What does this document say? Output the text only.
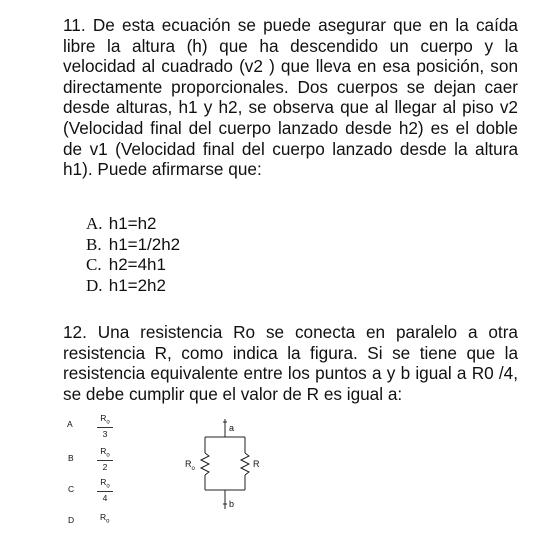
11. De esta ecuación se puede asegurar que en la caída libre la altura (h) que ha descendido un cuerpo y la velocidad al cuadrado (v2 ) que lleva en esa posición, son directamente proporcionales. Dos cuerpos se dejan caer desde alturas, h1 y h2, se observa que al llegar al piso v2 (Velocidad final del cuerpo lanzado desde h2) es el doble de v1 (Velocidad final del cuerpo lanzado desde la altura h1). Puede afirmarse que:
A. h1=h2
B. h1=1/2h2
C. h2=4h1
D. h1=2h2
12. Una resistencia Ro se conecta en paralelo a otra resistencia R, como indica la figura. Si se tiene que la resistencia equivalente entre los puntos a y b igual a R0 /4, se debe cumplir que el valor de R es igual a:
A	$\frac{R_o}{3}$
B	$\frac{R_o}{2}$
C	$\frac{R_o}{4}$
D	$R_o$
a
b
$R_o$	R
